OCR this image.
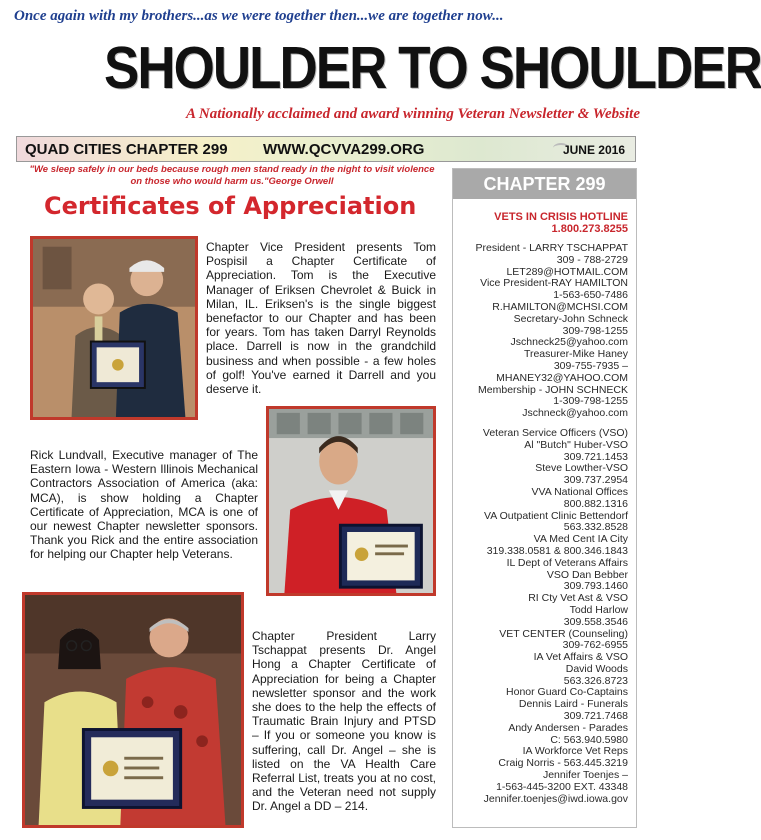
Once again with my brothers...as we were together then...we are together now...
SHOULDER TO SHOULDER
A Nationally acclaimed and award winning Veteran Newsletter & Website
QUAD CITIES CHAPTER 299 WWW.QCVVA299.ORG	JUNE 2016
"We sleep safely in our beds because rough men stand ready in the night to visit violence on those who would harm us."George Orwell
Certificates of Appreciation
Chapter Vice President presents Tom Pospisil a Chapter Certificate of Appreciation. Tom is the Executive Manager of Eriksen Chevrolet & Buick in Milan, IL. Eriksen's is the single biggest benefactor to our Chapter and has been for years. Tom has taken Darryl Reynolds place. Darrell is now in the grandchild business and when possible - a few holes of golf! You've earned it Darrell and you deserve it.
Rick Lundvall, Executive manager of The Eastern Iowa - Western Illinois Mechanical Contractors Association of America (aka: MCA), is show holding a Chapter Certificate of Appreciation, MCA is one of our newest Chapter newsletter sponsors. Thank you Rick and the entire association for helping our Chapter help Veterans.
Chapter President Larry Tschappat presents Dr. Angel Hong a Chapter Certificate of Appreciation for being a Chapter newsletter sponsor and the work she does to the help the effects of Traumatic Brain Injury and PTSD – If you or someone you know is suffering, call Dr. Angel – she is listed on the VA Health Care Referral List, treats you at no cost, and the Veteran need not supply Dr. Angel a DD – 214.
CHAPTER 299
VETS IN CRISIS HOTLINE
1.800.273.8255
President - LARRY TSCHAPPAT
309 - 788-2729
LET289@HOTMAIL.COM
Vice President-RAY HAMILTON
1-563-650-7486
R.HAMILTON@MCHSI.COM
Secretary-John Schneck
309-798-1255
Jschneck25@yahoo.com
Treasurer-Mike Haney
309-755-7935 –
MHANEY32@YAHOO.COM
Membership - JOHN SCHNECK
1-309-798-1255
Jschneck@yahoo.com
Veteran Service Officers (VSO)
Al "Butch" Huber-VSO
309.721.1453
Steve Lowther-VSO
309.737.2954
VVA National Offices
800.882.1316
VA Outpatient Clinic Bettendorf
563.332.8528
VA Med Cent IA City
319.338.0581 & 800.346.1843
IL Dept of Veterans Affairs
VSO Dan Bebber
309.793.1460
RI Cty Vet Ast & VSO
Todd Harlow
309.558.3546
VET CENTER (Counseling)
309-762-6955
IA Vet Affairs & VSO
David Woods
563.326.8723
Honor Guard Co-Captains
Dennis Laird - Funerals
309.721.7468
Andy Andersen - Parades
C: 563.940.5980
IA Workforce Vet Reps
Craig Norris - 563.445.3219
Jennifer Toenjes –
1-563-445-3200 EXT. 43348
Jennifer.toenjes@iwd.iowa.gov
